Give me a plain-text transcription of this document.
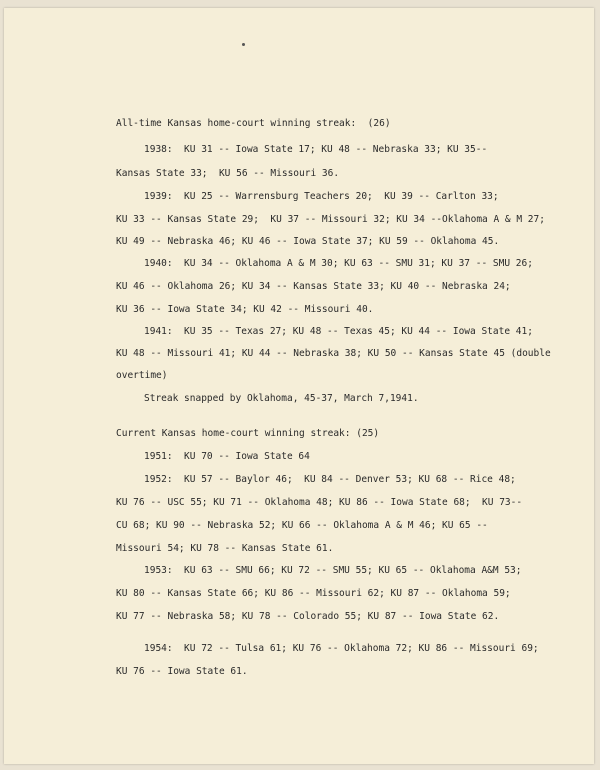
All-time Kansas home-court winning streak:  (26)
1938:  KU 31 -- Iowa State 17; KU 48 -- Nebraska 33; KU 35--
Kansas State 33;  KU 56 -- Missouri 36.
1939:  KU 25 -- Warrensburg Teachers 20;  KU 39 -- Carlton 33;
KU 33 -- Kansas State 29;  KU 37 -- Missouri 32; KU 34 --Oklahoma A & M 27;
KU 49 -- Nebraska 46; KU 46 -- Iowa State 37; KU 59 -- Oklahoma 45.
1940:  KU 34 -- Oklahoma A & M 30; KU 63 -- SMU 31; KU 37 -- SMU 26;
KU 46 -- Oklahoma 26; KU 34 -- Kansas State 33; KU 40 -- Nebraska 24;
KU 36 -- Iowa State 34; KU 42 -- Missouri 40.
1941:  KU 35 -- Texas 27; KU 48 -- Texas 45; KU 44 -- Iowa State 41;
KU 48 -- Missouri 41; KU 44 -- Nebraska 38; KU 50 -- Kansas State 45 (double
overtime)
Streak snapped by Oklahoma, 45-37, March 7,1941.
Current Kansas home-court winning streak: (25)
1951:  KU 70 -- Iowa State 64
1952:  KU 57 -- Baylor 46;  KU 84 -- Denver 53; KU 68 -- Rice 48;
KU 76 -- USC 55; KU 71 -- Oklahoma 48; KU 86 -- Iowa State 68;  KU 73--
CU 68; KU 90 -- Nebraska 52; KU 66 -- Oklahoma A & M 46; KU 65 --
Missouri 54; KU 78 -- Kansas State 61.
1953:  KU 63 -- SMU 66; KU 72 -- SMU 55; KU 65 -- Oklahoma A&M 53;
KU 80 -- Kansas State 66; KU 86 -- Missouri 62; KU 87 -- Oklahoma 59;
KU 77 -- Nebraska 58; KU 78 -- Colorado 55; KU 87 -- Iowa State 62.
1954:  KU 72 -- Tulsa 61; KU 76 -- Oklahoma 72; KU 86 -- Missouri 69;
KU 76 -- Iowa State 61.
